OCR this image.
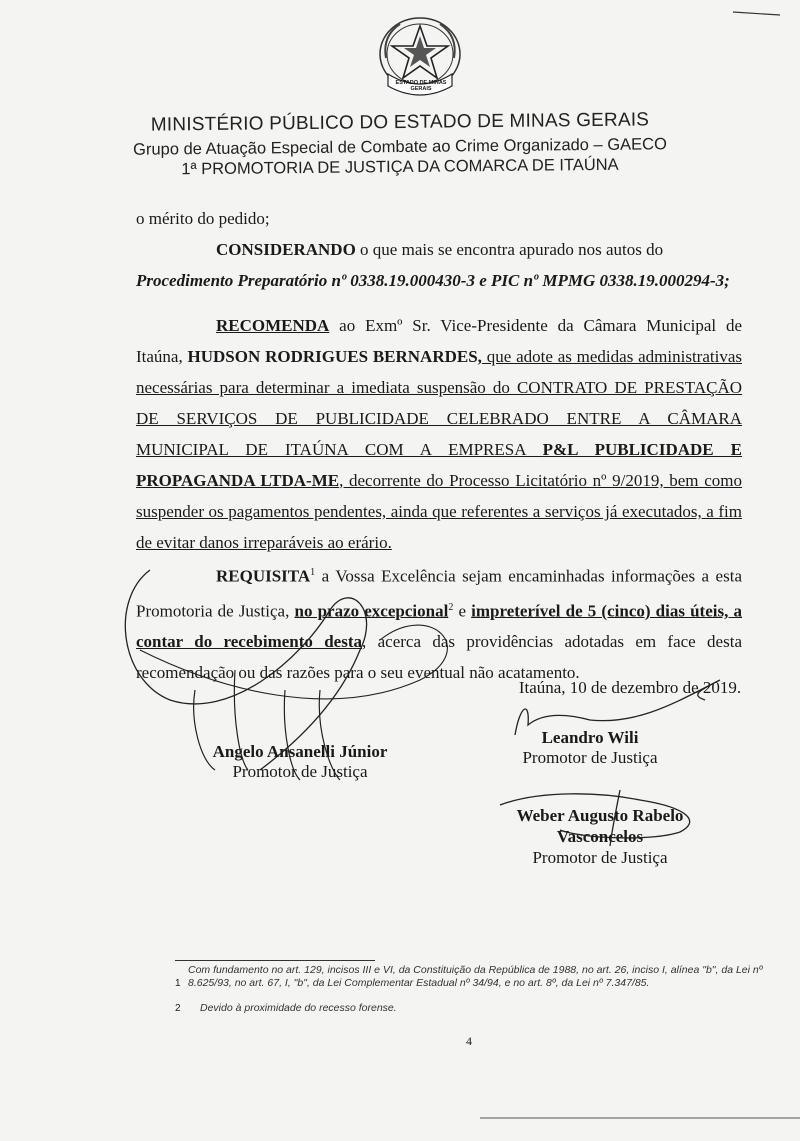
ESTADO DE MINAS GERAIS
MINISTÉRIO PÚBLICO DO ESTADO DE MINAS GERAIS
Grupo de Atuação Especial de Combate ao Crime Organizado – GAECO
1ª PROMOTORIA DE JUSTIÇA DA COMARCA DE ITAÚNA
o mérito do pedido;
CONSIDERANDO o que mais se encontra apurado nos autos do
Procedimento Preparatório nº 0338.19.000430-3 e PIC nº MPMG 0338.19.000294-3;
RECOMENDA ao Exmº Sr. Vice-Presidente da Câmara Municipal de Itaúna, HUDSON RODRIGUES BERNARDES, que adote as medidas administrativas necessárias para determinar a imediata suspensão do CONTRATO DE PRESTAÇÃO DE SERVIÇOS DE PUBLICIDADE CELEBRADO ENTRE A CÂMARA MUNICIPAL DE ITAÚNA COM A EMPRESA P&L PUBLICIDADE E PROPAGANDA LTDA-ME, decorrente do Processo Licitatório nº 9/2019, bem como suspender os pagamentos pendentes, ainda que referentes a serviços já executados, a fim de evitar danos irreparáveis ao erário.
REQUISITA$^1$ a Vossa Excelência sejam encaminhadas informações a esta Promotoria de Justiça, no prazo excepcional$^2$ e impreterível de 5 (cinco) dias úteis, a contar do recebimento desta, acerca das providências adotadas em face desta recomendação ou das razões para o seu eventual não acatamento.
Itaúna, 10 de dezembro de 2019.
Angelo Ansanelli Júnior
Promotor de Justiça
Leandro Wili
Promotor de Justiça
Weber Augusto Rabelo
Vasconcelos
Promotor de Justiça
1
Com fundamento no art. 129, incisos III e VI, da Constituição da República de 1988, no art. 26, inciso I, alínea "b", da Lei nº 8.625/93, no art. 67, I, "b", da Lei Complementar Estadual nº 34/94, e no art. 8º, da Lei nº 7.347/85.
2 Devido à proximidade do recesso forense.
4
